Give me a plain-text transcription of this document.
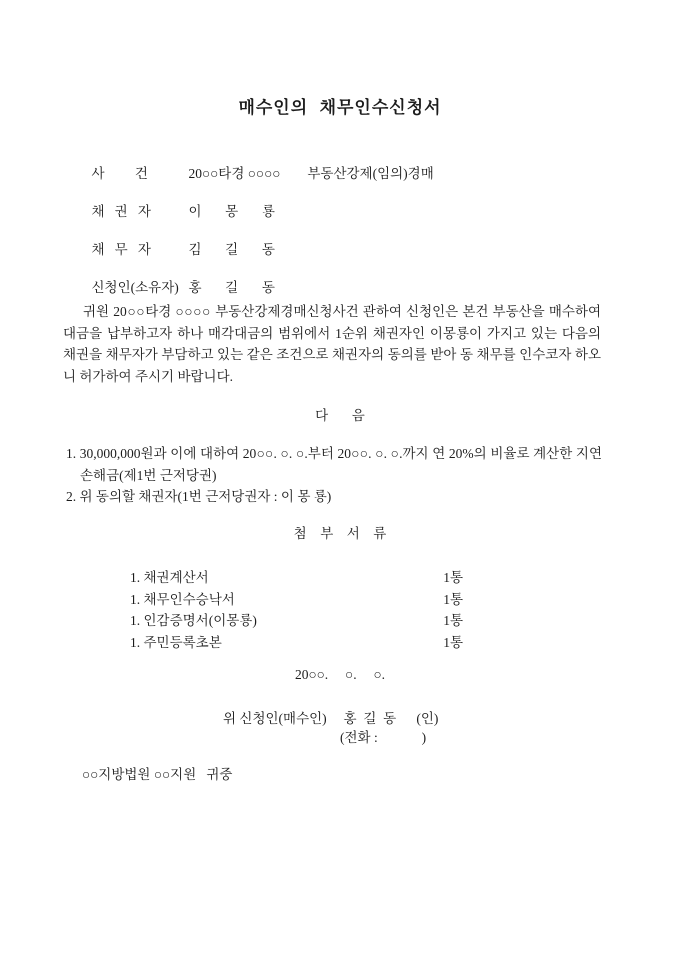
매수인의  채무인수신청서

사         건	20○○타경 ○○○○        부동산강제(임의)경매

채   권   자	이       몽       룡

채   무   자	김       길       동

신청인(소유자) 홍       길       동

귀원 20○○타경 ○○○○ 부동산강제경매신청사건 관하여 신청인은 본건 부동산을 매수하여 대금을 납부하고자 하나 매각대금의 범위에서 1순위 채권자인 이몽룡이 가지고 있는 다음의 채권을 채무자가 부담하고 있는 같은 조건으로 채권자의 동의를 받아 동 채무를 인수코자 하오니 허가하여 주시기 바랍니다.
다       음
1. 30,000,000원과 이에 대하여 20○○. ○. ○.부터 20○○. ○. ○.까지 연 20%의 비율로 계산한 지연손해금(제1번 근저당권)
2. 위 동의할 채권자(1번 근저당권자 : 이 몽 룡)
첨    부    서    류
1. 채권계산서	1통
1. 채무인수승낙서	1통
1. 인감증명서(이몽룡)	1통
1. 주민등록초본	1통
20○○.     ○.     ○.
위 신청인(매수인)     홍  길  동      (인)
(전화 :             )
○○지방법원 ○○지원   귀중
